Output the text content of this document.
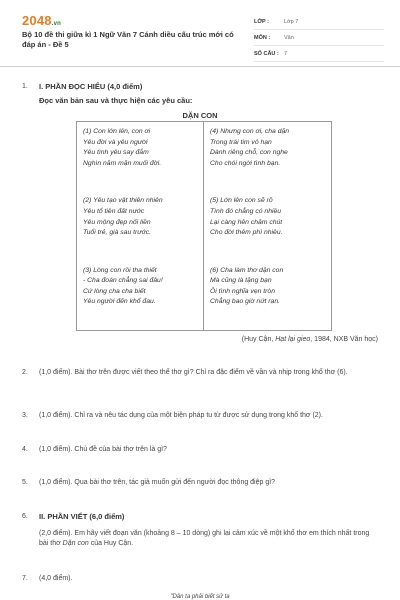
2048.vn
Bộ 10 đề thi giữa kì 1 Ngữ Văn 7 Cánh diều cấu trúc mới có đáp án - Đề 5
LỚP :	Lớp 7
MÔN :	Văn
SỐ CÂU : 7
1. I. PHẦN ĐỌC HIỂU (4,0 điểm)
Đọc văn bản sau và thực hiện các yêu cầu:
DẶN CON
(1) Con lớn lên, con ơi
Yêu đời và yêu người
Yêu tình yêu say đắm
Nghìn năm mặn muối đời.
(4) Nhưng con ơi, cha dặn
Trong trái tim vô hạn
Dành riêng chỗ, con nghe
Cho chói ngời tình bạn.
(2) Yêu tạo vật thiên nhiên
Yêu tổ tiên đất nước
Yêu mộng đẹp nối liền
Tuổi trẻ, già sau trước.
(5) Lớn lên con sẽ rõ
Tình đó chẳng có nhiều
Lại càng hên chăm chút
Cho đời thêm phì nhiêu.
(3) Lòng con rồi tha thiết
- Cha đoán chẳng sai đâu!
Cứ lòng cha cha biết
Yêu người đến khổ đau.
(6) Cha làm thơ dặn con
Mà cũng là tặng bạn
Ôi tình nghĩa vẹn tròn
Chẳng bao giờ nứt rạn.
(Huy Cận, Hạt lại gieo, 1984, NXB Văn học)
2. (1,0 điểm). Bài thơ trên được viết theo thể thơ gì? Chỉ ra đặc điểm về vần và nhịp trong khổ thơ (6).
3. (1,0 điểm). Chỉ ra và nêu tác dụng của một biện pháp tu từ được sử dụng trong khổ thơ (2).
4. (1,0 điểm). Chủ đề của bài thơ trên là gì?
5. (1,0 điểm). Qua bài thơ trên, tác giả muốn gửi đến người đọc thông điệp gì?
6. II. PHẦN VIẾT (6,0 điểm)
(2,0 điểm). Em hãy viết đoạn văn (khoảng 8 – 10 dòng) ghi lại cảm xúc về một khổ thơ em thích nhất trong bài thơ Dặn con của Huy Cận.
7. (4,0 điểm).
"Dân ta phải biết sử ta
